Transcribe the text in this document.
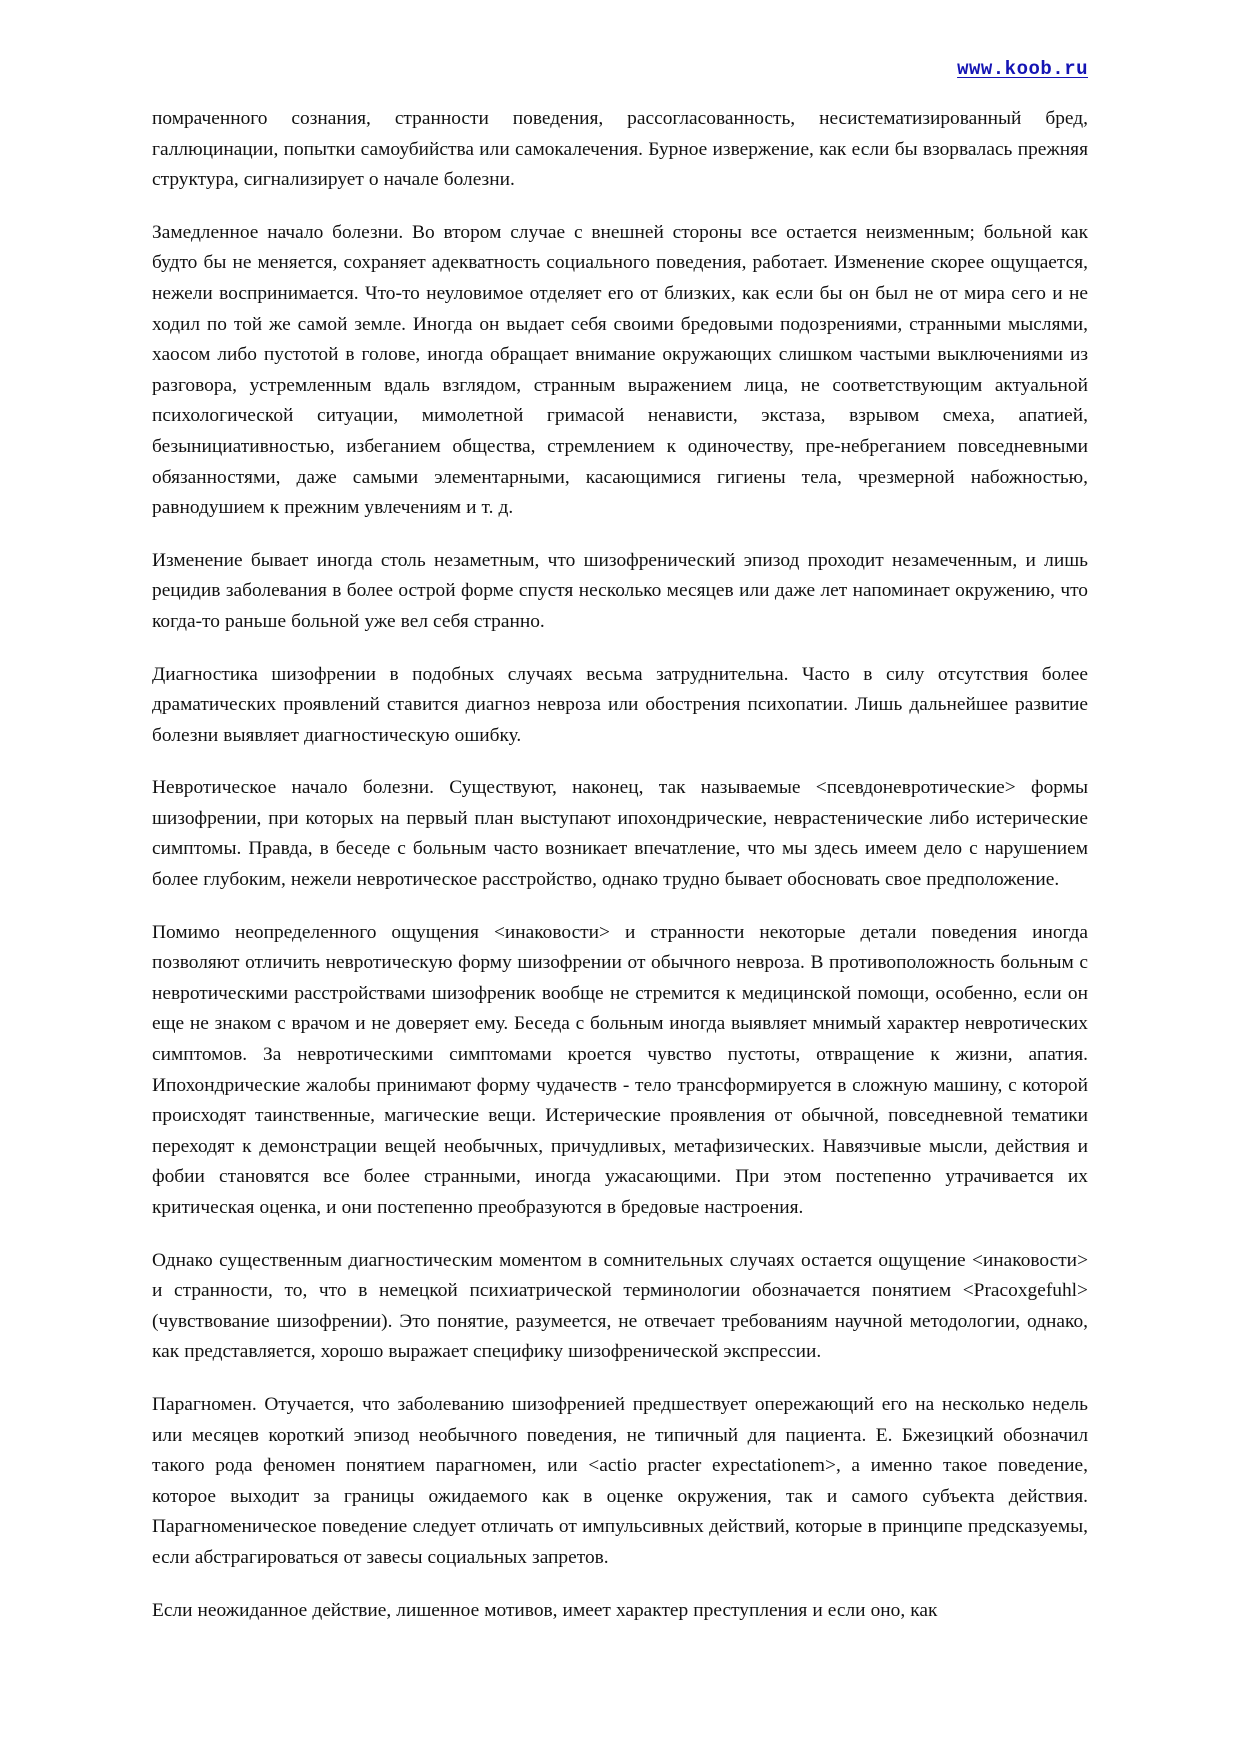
www.koob.ru

помраченного сознания, странности поведения, рассогласованность, несистематизированный бред, галлюцинации, попытки самоубийства или самокалечения. Бурное извержение, как если бы взорвалась прежняя структура, сигнализирует о начале болезни.

Замедленное начало болезни. Во втором случае с внешней стороны все остается неизменным; больной как будто бы не меняется, сохраняет адекватность социального поведения, работает. Изменение скорее ощущается, нежели воспринимается. Что-то неуловимое отделяет его от близких, как если бы он был не от мира сего и не ходил по той же самой земле. Иногда он выдает себя своими бредовыми подозрениями, странными мыслями, хаосом либо пустотой в голове, иногда обращает внимание окружающих слишком частыми выключениями из разговора, устремленным вдаль взглядом, странным выражением лица, не соответствующим актуальной психологической ситуации, мимолетной гримасой ненависти, экстаза, взрывом смеха, апатией, безынициативностью, избеганием общества, стремлением к одиночеству, пре-небреганием повседневными обязанностями, даже самыми элементарными, касающимися гигиены тела, чрезмерной набожностью, равнодушием к прежним увлечениям и т. д.

Изменение бывает иногда столь незаметным, что шизофренический эпизод проходит незамеченным, и лишь рецидив заболевания в более острой форме спустя несколько месяцев или даже лет напоминает окружению, что когда-то раньше больной уже вел себя странно.

Диагностика шизофрении в подобных случаях весьма затруднительна. Часто в силу отсутствия более драматических проявлений ставится диагноз невроза или обострения психопатии. Лишь дальнейшее развитие болезни выявляет диагностическую ошибку.

Невротическое начало болезни. Существуют, наконец, так называемые <псевдоневротические> формы шизофрении, при которых на первый план выступают ипохондрические, неврастенические либо истерические симптомы. Правда, в беседе с больным часто возникает впечатление, что мы здесь имеем дело с нарушением более глубоким, нежели невротическое расстройство, однако трудно бывает обосновать свое предположение.

Помимо неопределенного ощущения <инаковости> и странности некоторые детали поведения иногда позволяют отличить невротическую форму шизофрении от обычного невроза. В противоположность больным с невротическими расстройствами шизофреник вообще не стремится к медицинской помощи, особенно, если он еще не знаком с врачом и не доверяет ему. Беседа с больным иногда выявляет мнимый характер невротических симптомов. За невротическими симптомами кроется чувство пустоты, отвращение к жизни, апатия. Ипохондрические жалобы принимают форму чудачеств - тело трансформируется в сложную машину, с которой происходят таинственные, магические вещи. Истерические проявления от обычной, повседневной тематики переходят к демонстрации вещей необычных, причудливых, метафизических. Навязчивые мысли, действия и фобии становятся все более странными, иногда ужасающими. При этом постепенно утрачивается их критическая оценка, и они постепенно преобразуются в бредовые настроения.

Однако существенным диагностическим моментом в сомнительных случаях остается ощущение <инаковости> и странности, то, что в немецкой психиатрической терминологии обозначается понятием <Pracoxgefuhl> (чувствование шизофрении). Это понятие, разумеется, не отвечает требованиям научной методологии, однако, как представляется, хорошо выражает специфику шизофренической экспрессии.

Парагномен. Отучается, что заболеванию шизофренией предшествует опережающий его на несколько недель или месяцев короткий эпизод необычного поведения, не типичный для пациента. Е. Бжезицкий обозначил такого рода феномен понятием парагномен, или <actio practer expectationem>, а именно такое поведение, которое выходит за границы ожидаемого как в оценке окружения, так и самого субъекта действия. Парагноменическое поведение следует отличать от импульсивных действий, которые в принципе предсказуемы, если абстрагироваться от завесы социальных запретов.

Если неожиданное действие, лишенное мотивов, имеет характер преступления и если оно, как
